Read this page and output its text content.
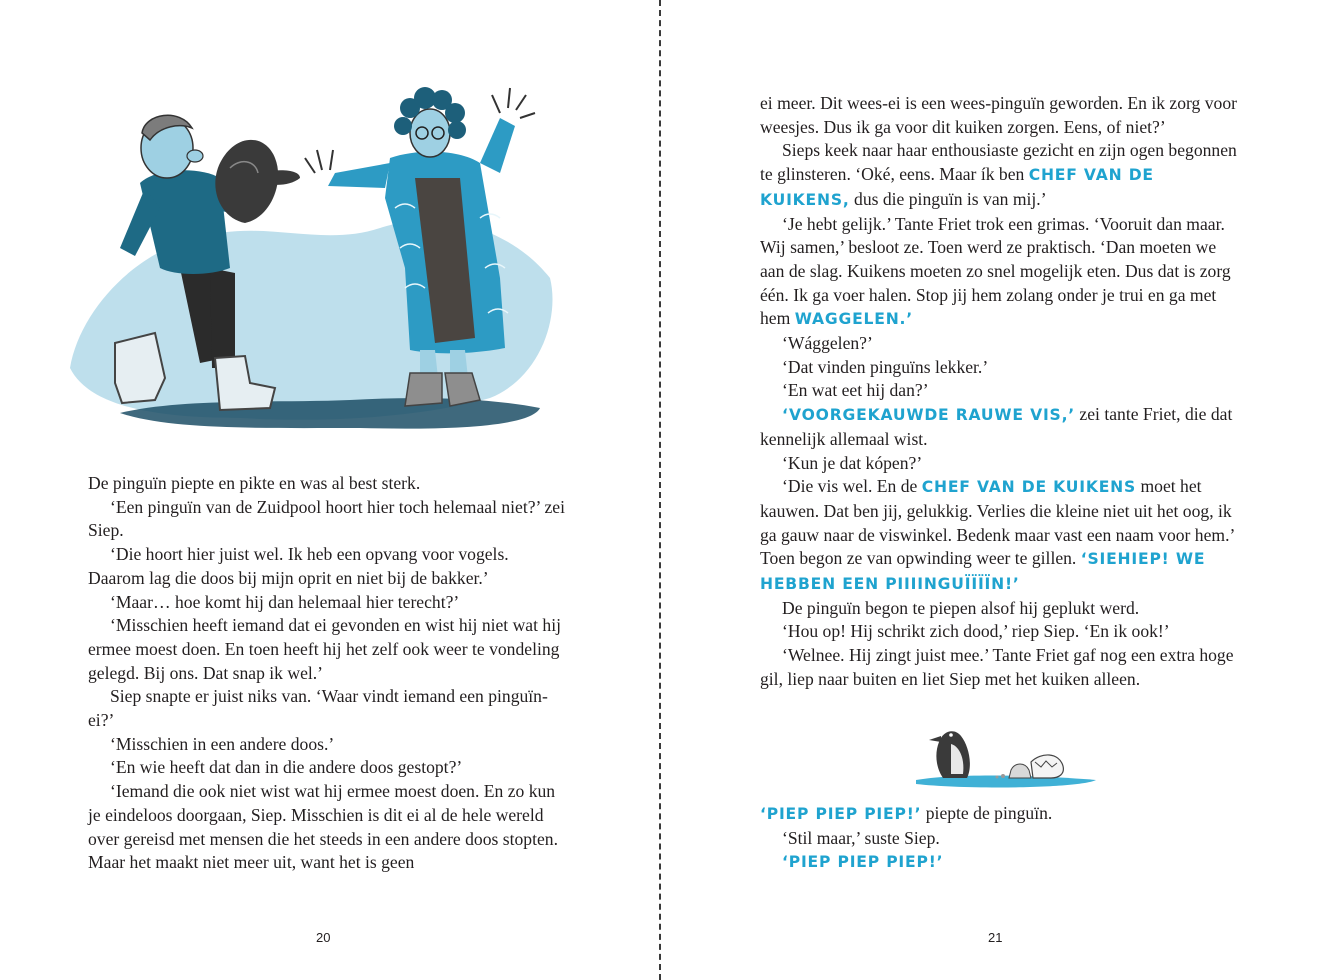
De pinguïn piepte en pikte en was al best sterk.

‘Een pinguïn van de Zuidpool hoort hier toch helemaal niet?’ zei Siep.

‘Die hoort hier juist wel. Ik heb een opvang voor vogels. Daarom lag die doos bij mijn oprit en niet bij de bakker.’

‘Maar… hoe komt hij dan helemaal hier terecht?’

‘Misschien heeft iemand dat ei gevonden en wist hij niet wat hij ermee moest doen. En toen heeft hij het zelf ook weer te vondeling gelegd. Bij ons. Dat snap ik wel.’

Siep snapte er juist niks van. ‘Waar vindt iemand een pinguïn-ei?’

‘Misschien in een andere doos.’

‘En wie heeft dat dan in die andere doos gestopt?’

‘Iemand die ook niet wist wat hij ermee moest doen. En zo kun je eindeloos doorgaan, Siep. Misschien is dit ei al de hele wereld over gereisd met mensen die het steeds in een andere doos stopten. Maar het maakt niet meer uit, want het is geen

20

ei meer. Dit wees-ei is een wees-pinguïn geworden. En ik zorg voor weesjes. Dus ik ga voor dit kuiken zorgen. Eens, of niet?’

Sieps keek naar haar enthousiaste gezicht en zijn ogen begonnen te glinsteren. ‘Oké, eens. Maar ík ben CHEF VAN DE KUIKENS, dus die pinguïn is van mij.’

‘Je hebt gelijk.’ Tante Friet trok een grimas. ‘Vooruit dan maar. Wij samen,’ besloot ze. Toen werd ze praktisch. ‘Dan moeten we aan de slag. Kuikens moeten zo snel mogelijk eten. Dus dat is zorg één. Ik ga voer halen. Stop jij hem zolang onder je trui en ga met hem WAGGELEN.’

‘Wággelen?’

‘Dat vinden pinguïns lekker.’

‘En wat eet hij dan?’

‘VOORGEKAUWDE RAUWE VIS,’ zei tante Friet, die dat kennelijk allemaal wist.

‘Kun je dat kópen?’

‘Die vis wel. En de CHEF VAN DE KUIKENS moet het kauwen. Dat ben jij, gelukkig. Verlies die kleine niet uit het oog, ik ga gauw naar de viswinkel. Bedenk maar vast een naam voor hem.’ Toen begon ze van opwinding weer te gillen. ‘SIEHIEP! WE HEBBEN EEN PIIIINGUÏÏÏÏN!’

De pinguïn begon te piepen alsof hij geplukt werd.

‘Hou op! Hij schrikt zich dood,’ riep Siep. ‘En ik ook!’

‘Welnee. Hij zingt juist mee.’ Tante Friet gaf nog een extra hoge gil, liep naar buiten en liet Siep met het kuiken alleen.

‘PIEP PIEP PIEP!’ piepte de pinguïn.

‘Stil maar,’ suste Siep.

‘PIEP PIEP PIEP!’

21
